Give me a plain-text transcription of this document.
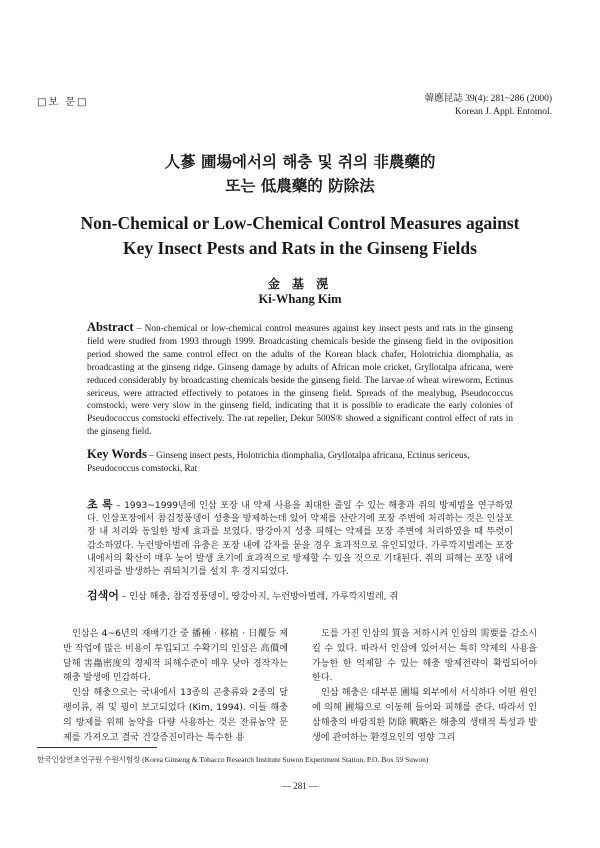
□보 문□	韓應昆誌 39(4): 281~286 (2000)
Korean J. Appl. Entomol.
人蔘 圃場에서의 해충 및 쥐의 非農藥的
또는 低農藥的 防除法
Non-Chemical or Low-Chemical Control Measures against
Key Insect Pests and Rats in the Ginseng Fields
金 基 滉
Ki-Whang Kim
Abstract – Non-chemical or low-chemical control measures against key insect pests and rats in the ginseng field were studied from 1993 through 1999. Broadcasting chemicals beside the ginseng field in the oviposition period showed the same control effect on the adults of the Korean black chafer, Holotrichia diomphalia, as broadcasting at the ginseng ridge. Ginseng damage by adults of African mole cricket, Gryllotalpa africana, were reduced considerably by broadcasting chemicals beside the ginseng field. The larvae of wheat wireworm, Ectinus sericeus, were attracted effectively to potatoes in the ginseng field. Spreads of the mealybug, Pseudococcus comstocki, were very slow in the ginseng field, indicating that it is possible to eradicate the early colonies of Pseudococcus comstocki effectively. The rat repeller, Dekur 500S® showed a significant control effect of rats in the ginseng field.
Key Words – Ginseng insect pests, Holotrichia diomphalia, Gryllotalpa africana, Ectinus sericeus, Pseudococcus comstocki, Rat
초 록 – 1993~1999년에 인삼 포장 내 약제 사용을 최대한 줄일 수 있는 해충과 쥐의 방제법을 연구하였다. 인삼포장에서 참검정풍뎅이 성충을 방제하는데 있어 약제를 산란기에 포장 주변에 처리하는 것은 인삼포장 내 처리와 동일한 방제 효과를 보였다. 땅강아지 성충 피해는 약제를 포장 주변에 처리하였을 때 뚜렷이 감소하였다. 누런방아벌레 유충은 포장 내에 감자를 묻을 경우 효과적으로 유인되었다. 가루깍지벌레는 포장 내에서의 확산이 매우 늦어 발생 초기에 효과적으로 방제할 수 있을 것으로 기대된다. 쥐의 피해는 포장 내에 지진파를 발생하는 쥐퇴치기를 설치 후 경지되었다.
검색어 – 인삼 해충, 참검정풍뎅이, 땅강아지, 누런방아벌레, 가루깍지벌레, 쥐

인삼은 4~6년의 재배기간 중 播種 · 移植 · 日覆등 제반 작업에 많은 비용이 투입되고 수확기의 인삼은 高價에 달해 害蟲密度의 경제적 피해수준이 매우 낮아 경작자는 해충 발생에 민감하다.

인삼 해충으로는 국내에서 13종의 곤충류와 2종의 달팽이류, 쥐 및 꿩이 보고되었다 (Kim, 1994). 이들 해충의 방제를 위해 농약을 다량 사용하는 것은 잔류농약 문제를 가져오고 결국 건강증진이라는 특수한 용

도를 가진 인삼의 質을 저하시켜 인삼의 需要를 감소시킬 수 있다. 따라서 인삼에 있어서는 특히 약제의 사용을 가능한 한 억제할 수 있는 해충 방제전략이 확립되어야 한다.

인삼 해충은 대부분 圃場 외부에서 서식하다 어떤 원인에 의해 圃場으로 이동해 들어와 피해를 준다. 따라서 인삼해충의 바람직한 防除 戰略은 해충의 생태적 특성과 발생에 관여하는 환경요인의 영향 그리

한국인삼연초연구원 수원시험장 (Korea Ginseng & Tobacco Research Institute Suwon Experiment Station, P.O. Box 59 Suwon)
— 281 —
